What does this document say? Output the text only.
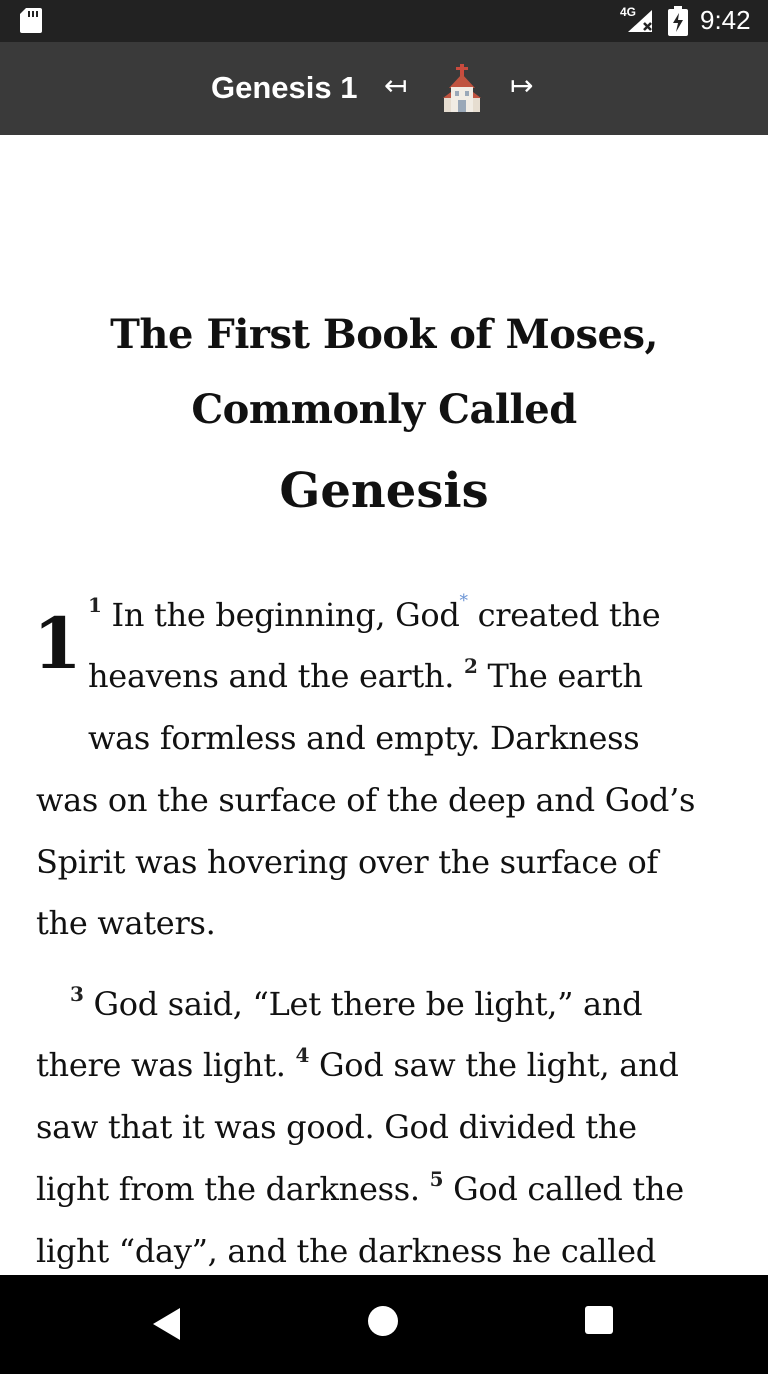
4G 9:42
Genesis 1 ↤	↦
The First Book of Moses,
Commonly Called
Genesis
1 $^1$ In the beginning, God* created the
heavens and the earth. $^2$ The earth
was formless and empty. Darkness
was on the surface of the deep and God’s
Spirit was hovering over the surface of
the waters.
$^3$ God said, “Let there be light,” and
there was light. $^4$ God saw the light, and
saw that it was good. God divided the
light from the darkness. $^5$ God called the
light “day”, and the darkness he called
